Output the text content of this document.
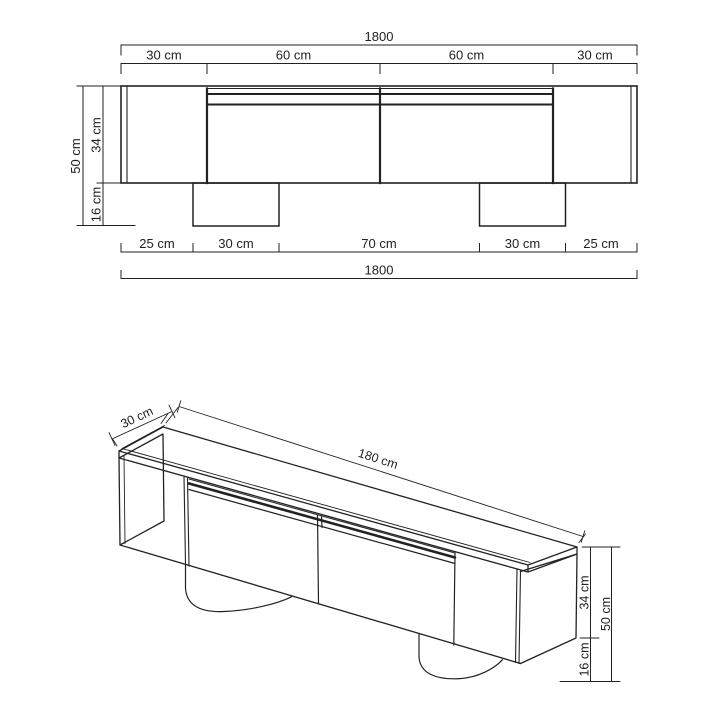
1800
30 cm	60 cm	60 cm	30 cm
50 cm
34 cm
16 cm
25 cm	30 cm	70 cm	30 cm	25 cm
1800
30 cm
180 cm
34 cm
50 cm
16 cm
